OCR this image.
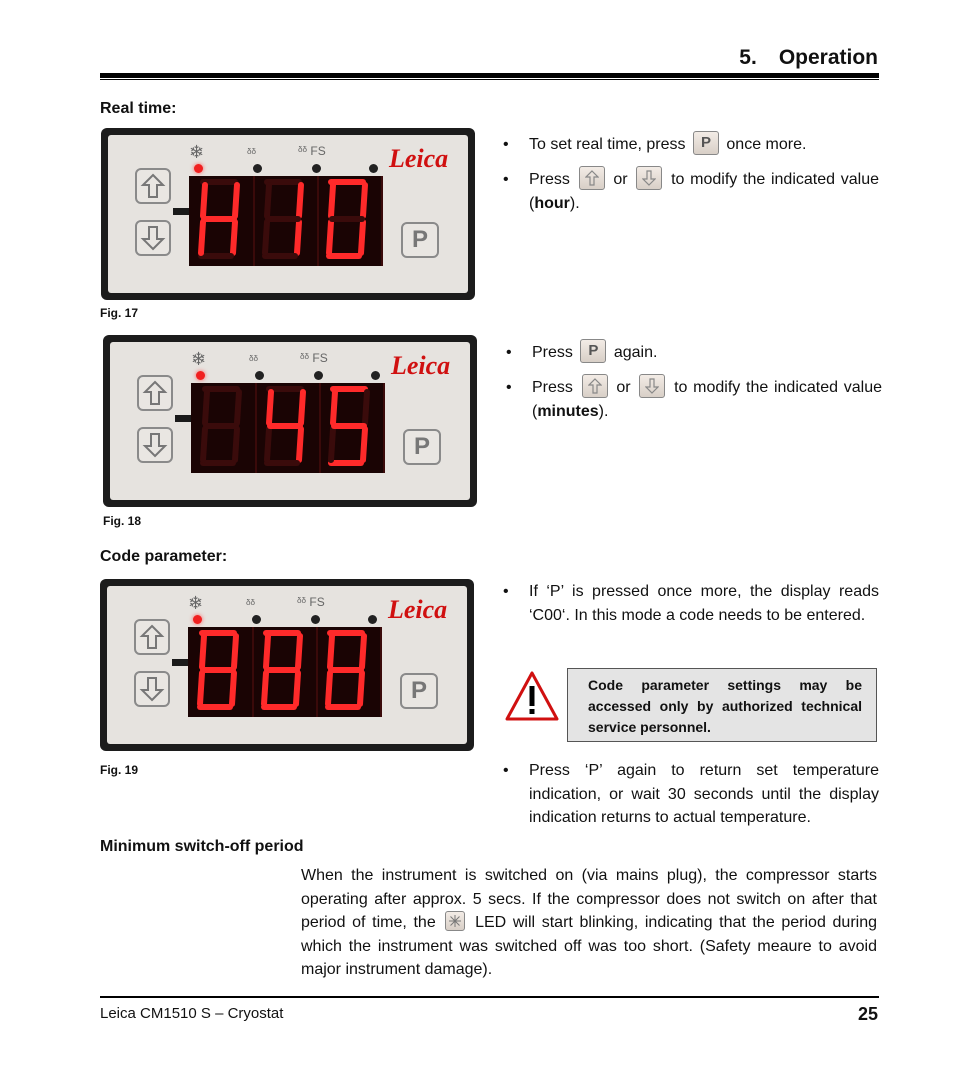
5. Operation
Real time:
❄	ᵟᵟ	ᵟᵟ FS Leica
P
Fig. 17
❄	ᵟᵟ	ᵟᵟ FS Leica
P
Fig. 18
Code parameter:
❄	ᵟᵟ	ᵟᵟ FS Leica
P
Fig. 19
• To set real time, press P once more.
• Press	or	to modify the indicated value (hour).
• Press P again.
• Press	or	to modify the indicated value (minutes).
• If ‘P’ is pressed once more, the display reads ‘C00‘. In this mode a code needs to be entered.
Code parameter settings may be accessed only by authorized technical service personnel.
• Press ‘P’ again to return set temperature indication, or wait 30 seconds until the display indication returns to actual temperature.
Minimum switch-off period
When the instrument is switched on (via mains plug), the compressor starts operating after approx. 5 secs. If the compressor does not switch on after that period of time, the LED will start blinking, indicating that the period during which the instrument was switched off was too short. (Safety meaure to avoid major instrument damage).
Leica CM1510 S – Cryostat	25
